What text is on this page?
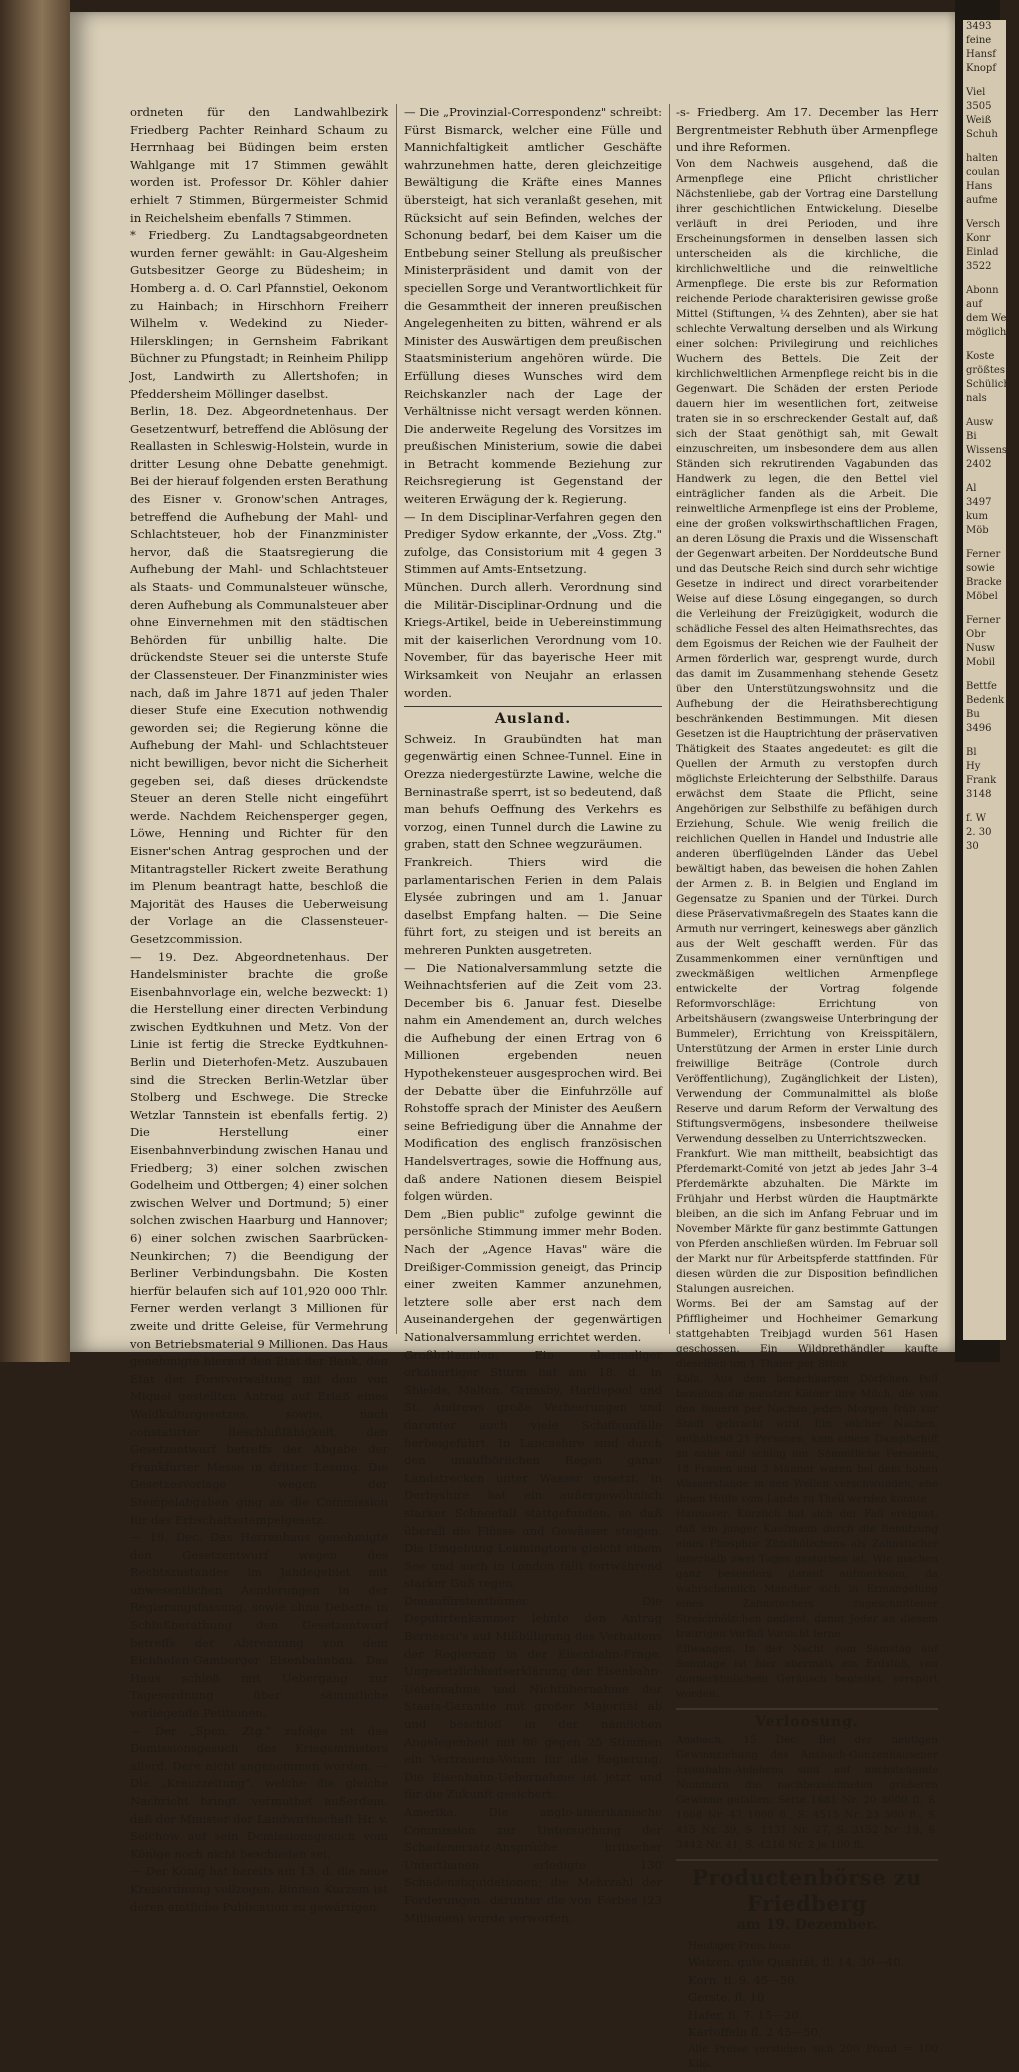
ordneten für den Landwahlbezirk Friedberg Pachter Reinhard Schaum zu Herrnhaag bei Büdingen beim ersten Wahlgange mit 17 Stimmen gewählt worden ist. Professor Dr. Köhler dahier erhielt 7 Stimmen, Bürgermeister Schmid in Reichelsheim ebenfalls 7 Stimmen.

* Friedberg. Zu Landtagsabgeordneten wurden ferner gewählt: in Gau-Algesheim Gutsbesitzer George zu Büdesheim; in Homberg a. d. O. Carl Pfannstiel, Oekonom zu Hainbach; in Hirschhorn Freiherr Wilhelm v. Wedekind zu Nieder-Hilersklingen; in Gernsheim Fabrikant Büchner zu Pfungstadt; in Reinheim Philipp Jost, Landwirth zu Allertshofen; in Pfeddersheim Möllinger daselbst.

Berlin, 18. Dez. Abgeordnetenhaus. Der Gesetzentwurf, betreffend die Ablösung der Reallasten in Schleswig-Holstein, wurde in dritter Lesung ohne Debatte genehmigt. Bei der hierauf folgenden ersten Berathung des Eisner v. Gronow'schen Antrages, betreffend die Aufhebung der Mahl- und Schlachtsteuer, hob der Finanzminister hervor, daß die Staatsregierung die Aufhebung der Mahl- und Schlachtsteuer als Staats- und Communalsteuer wünsche, deren Aufhebung als Communalsteuer aber ohne Einvernehmen mit den städtischen Behörden für unbillig halte. Die drückendste Steuer sei die unterste Stufe der Classensteuer. Der Finanzminister wies nach, daß im Jahre 1871 auf jeden Thaler dieser Stufe eine Execution nothwendig geworden sei; die Regierung könne die Aufhebung der Mahl- und Schlachtsteuer nicht bewilligen, bevor nicht die Sicherheit gegeben sei, daß dieses drückendste Steuer an deren Stelle nicht eingeführt werde. Nachdem Reichensperger gegen, Löwe, Henning und Richter für den Eisner'schen Antrag gesprochen und der Mitantragsteller Rickert zweite Berathung im Plenum beantragt hatte, beschloß die Majorität des Hauses die Ueberweisung der Vorlage an die Classensteuer-Gesetzcommission.

— 19. Dez. Abgeordnetenhaus. Der Handelsminister brachte die große Eisenbahnvorlage ein, welche bezweckt: 1) die Herstellung einer directen Verbindung zwischen Eydtkuhnen und Metz. Von der Linie ist fertig die Strecke Eydtkuhnen-Berlin und Dieterhofen-Metz. Auszubauen sind die Strecken Berlin-Wetzlar über Stolberg und Eschwege. Die Strecke Wetzlar Tannstein ist ebenfalls fertig. 2) Die Herstellung einer Eisenbahnverbindung zwischen Hanau und Friedberg; 3) einer solchen zwischen Godelheim und Ottbergen; 4) einer solchen zwischen Welver und Dortmund; 5) einer solchen zwischen Haarburg und Hannover; 6) einer solchen zwischen Saarbrücken-Neunkirchen; 7) die Beendigung der Berliner Verbindungsbahn. Die Kosten hierfür belaufen sich auf 101,920 000 Thlr. Ferner werden verlangt 3 Millionen für zweite und dritte Geleise, für Vermehrung von Betriebsmaterial 9 Millionen. Das Haus genehmigte hierauf den Etat der Bank, den Etat der Forstverwaltung mit dem von Miquel gestellten Antrag auf Erlaß eines Waldkulturgesetzes, sowie, nach constatirter Beschlußfähigkeit, den Gesetzentwurf betreffs der Abgabe der Frankfurter Messe in dritter Lesung. Die Gesetzesvorlage wegen der Stempelabgaben ging an die Commission für das Erbschaftsstempelgesetz.

— 19. Dec. Das Herrenhaus genehmigte den Gesetzentwurf wegen des Rechtszustandes im Jahdegebiet mit unwesentlichen Aenderungen in der Regierungsfassung, sowie ohne Debatte in Schlußberathung den Gesetzentwurf betreffs der Abtrennung von dem Eichhofen-Gamberger Eisenbahnbau. Das Haus schloß mit Uebergang zur Tagesordnung über sämmtliche vorliegende Petitionen.

— Der „Spen. Ztg." zufolge ist das Demissionsgesuch des Kriegsministers allerd. Dere nicht angenommen worden. — Die „Kreuzzeitung", welche die gleiche Nachricht bringt, vermuthet außerdem, daß der Minister der Landwirthschaft Hr. v. Selchow auf sein Demissionsgesuch vom Könige noch nicht beschieden sei.

— Der König hat bereits am 13. d. die neue Kreisordnung vollzogen. Binnen Kurzem ist deren amtliche Publication zu gewärtigen.

— Die „Provinzial-Correspondenz" schreibt: Fürst Bismarck, welcher eine Fülle und Mannichfaltigkeit amtlicher Geschäfte wahrzunehmen hatte, deren gleichzeitige Bewältigung die Kräfte eines Mannes übersteigt, hat sich veranlaßt gesehen, mit Rücksicht auf sein Befinden, welches der Schonung bedarf, bei dem Kaiser um die Entbebung seiner Stellung als preußischer Ministerpräsident und damit von der speciellen Sorge und Verantwortlichkeit für die Gesammtheit der inneren preußischen Angelegenheiten zu bitten, während er als Minister des Auswärtigen dem preußischen Staatsministerium angehören würde. Die Erfüllung dieses Wunsches wird dem Reichskanzler nach der Lage der Verhältnisse nicht versagt werden können. Die anderweite Regelung des Vorsitzes im preußischen Ministerium, sowie die dabei in Betracht kommende Beziehung zur Reichsregierung ist Gegenstand der weiteren Erwägung der k. Regierung.

— In dem Disciplinar-Verfahren gegen den Prediger Sydow erkannte, der „Voss. Ztg." zufolge, das Consistorium mit 4 gegen 3 Stimmen auf Amts-Entsetzung.

München. Durch allerh. Verordnung sind die Militär-Disciplinar-Ordnung und die Kriegs-Artikel, beide in Uebereinstimmung mit der kaiserlichen Verordnung vom 10. November, für das bayerische Heer mit Wirksamkeit von Neujahr an erlassen worden.

Ausland.

Schweiz. In Graubündten hat man gegenwärtig einen Schnee-Tunnel. Eine in Orezza niedergestürzte Lawine, welche die Berninastraße sperrt, ist so bedeutend, daß man behufs Oeffnung des Verkehrs es vorzog, einen Tunnel durch die Lawine zu graben, statt den Schnee wegzuräumen.

Frankreich. Thiers wird die parlamentarischen Ferien in dem Palais Elysée zubringen und am 1. Januar daselbst Empfang halten. — Die Seine führt fort, zu steigen und ist bereits an mehreren Punkten ausgetreten.

— Die Nationalversammlung setzte die Weihnachtsferien auf die Zeit vom 23. December bis 6. Januar fest. Dieselbe nahm ein Amendement an, durch welches die Aufhebung der einen Ertrag von 6 Millionen ergebenden neuen Hypothekensteuer ausgesprochen wird. Bei der Debatte über die Einfuhrzölle auf Rohstoffe sprach der Minister des Aeußern seine Befriedigung über die Annahme der Modification des englisch französischen Handelsvertrages, sowie die Hoffnung aus, daß andere Nationen diesem Beispiel folgen würden.

Dem „Bien public" zufolge gewinnt die persönliche Stimmung immer mehr Boden. Nach der „Agence Havas" wäre die Dreißiger-Commission geneigt, das Princip einer zweiten Kammer anzunehmen, letztere solle aber erst nach dem Auseinandergehen der gegenwärtigen Nationalversammlung errichtet werden.

Großbritannien. Ein abermaliger orkanartiger Sturm hat am 18. d. in Shields, Malton, Grimsby, Hartlepool und St. Andrews große Verheerungen und darunter auch viele Schiffsunfälle herbeigeführt. In Lancashire sind durch den unaufhörlichen Regen ganze Landstrecken unter Wasser gesetzt, in Derbyshire hat ein außergewöhnlich starker Schneefall stattgefunden, so daß überall die Flüsse und Gewässer steigen. Die Umgebung Leamington's gleicht einem See und auch in London fällt fortwährend starker Guß regen.

Donaufürstenthümer. Die Deputirtenkammer lehnte den Antrag Bernescu's auf Mißbilligung des Verhaltens der Regierung in der Eisenbahn-Frage, Ungesetzlichkeitserklärung der Eisenbahn-Uebernahme und Nichtübernahme der Staats-Garantie mit großer Majorität ab und beschloß in der nämlichen Angelegenheit mit 86 gegen 25 Stimmen ein Vertrauens-Votum für die Regierung. Die Eisenbahn-Uebernahme ist jetzt und für die Zukunft gesichert.

Amerika. Die anglo-amerikanische Commission zur Untersuchung der Schadenersatz-Ansprüche britischer Unterthanen erledigte 130 Schadensliquidationen; die Mehrzahl der Forderungen, darunter die von Forbes (23 Millionen) wurde verworfen.

-s- Friedberg. Am 17. December las Herr Bergrentmeister Rebhuth über Armenpflege und ihre Reformen.

Von dem Nachweis ausgehend, daß die Armenpflege eine Pflicht christlicher Nächstenliebe, gab der Vortrag eine Darstellung ihrer geschichtlichen Entwickelung. Dieselbe verläuft in drei Perioden, und ihre Erscheinungsformen in denselben lassen sich unterscheiden als die kirchliche, die kirchlichweltliche und die reinweltliche Armenpflege. Die erste bis zur Reformation reichende Periode charakterisiren gewisse große Mittel (Stiftungen, ¼ des Zehnten), aber sie hat schlechte Verwaltung derselben und als Wirkung einer solchen: Privilegirung und reichliches Wuchern des Bettels. Die Zeit der kirchlichweltlichen Armenpflege reicht bis in die Gegenwart. Die Schäden der ersten Periode dauern hier im wesentlichen fort, zeitweise traten sie in so erschreckender Gestalt auf, daß sich der Staat genöthigt sah, mit Gewalt einzuschreiten, um insbesondere dem aus allen Ständen sich rekrutirenden Vagabunden das Handwerk zu legen, die den Bettel viel einträglicher fanden als die Arbeit. Die reinweltliche Armenpflege ist eins der Probleme, eine der großen volkswirthschaftlichen Fragen, an deren Lösung die Praxis und die Wissenschaft der Gegenwart arbeiten. Der Norddeutsche Bund und das Deutsche Reich sind durch sehr wichtige Gesetze in indirect und direct vorarbeitender Weise auf diese Lösung eingegangen, so durch die Verleihung der Freizügigkeit, wodurch die schädliche Fessel des alten Heimathsrechtes, das dem Egoismus der Reichen wie der Faulheit der Armen förderlich war, gesprengt wurde, durch das damit im Zusammenhang stehende Gesetz über den Unterstützungswohnsitz und die Aufhebung der die Heirathsberechtigung beschränkenden Bestimmungen. Mit diesen Gesetzen ist die Hauptrichtung der präservativen Thätigkeit des Staates angedeutet: es gilt die Quellen der Armuth zu verstopfen durch möglichste Erleichterung der Selbsthilfe. Daraus erwächst dem Staate die Pflicht, seine Angehörigen zur Selbsthilfe zu befähigen durch Erziehung, Schule. Wie wenig freilich die reichlichen Quellen in Handel und Industrie alle anderen überflügelnden Länder das Uebel bewältigt haben, das beweisen die hohen Zahlen der Armen z. B. in Belgien und England im Gegensatze zu Spanien und der Türkei. Durch diese Präservativmaßregeln des Staates kann die Armuth nur verringert, keineswegs aber gänzlich aus der Welt geschafft werden. Für das Zusammenkommen einer vernünftigen und zweckmäßigen weltlichen Armenpflege entwickelte der Vortrag folgende Reformvorschläge: Errichtung von Arbeitshäusern (zwangsweise Unterbringung der Bummeler), Errichtung von Kreisspitälern, Unterstützung der Armen in erster Linie durch freiwillige Beiträge (Controle durch Veröffentlichung), Zugänglichkeit der Listen), Verwendung der Communalmittel als bloße Reserve und darum Reform der Verwaltung des Stiftungsvermögens, insbesondere theilweise Verwendung desselben zu Unterrichtszwecken.

Frankfurt. Wie man mittheilt, beabsichtigt das Pferdemarkt-Comité von jetzt ab jedes Jahr 3–4 Pferdemärkte abzuhalten. Die Märkte im Frühjahr und Herbst würden die Hauptmärkte bleiben, an die sich im Anfang Februar und im November Märkte für ganz bestimmte Gattungen von Pferden anschließen würden. Im Februar soll der Markt nur für Arbeitspferde stattfinden. Für diesen würden die zur Disposition befindlichen Stalungen ausreichen.

Worms. Bei der am Samstag auf der Pfiffligheimer und Hochheimer Gemarkung stattgehabten Treibjagd wurden 561 Hasen geschossen. Ein Wildprethändler kaufte dieselben um 1 Thaler per Stück.

Köln. Aus dem benachbarten Dörfchen Poll beziehen die meisten Kölner ihre Milch, die von den Bauern per Nachen jeden Morgen früh zur Stadt gebracht wird. Ein solcher Nachen, enthaltend 21 Personen, kam einem Dampfschiff zu nahe und schlug um. Sämmtliche Personen, 18 Frauen und 3 Männer waren bei dem hohen Wasserstande in den Wellen verschwunden, ehe ihnen Hülfe vom Lande zu Theil werden konnte.

Hannover. Kürzlich hat sich der Fall ereignet, daß ein junger Kaufmann durch die Benutzung eines Phosphor Zündhölzchens als Zahnstocher innerhalb zwei Tagen gestorben ist. Wie machen ganz besonders darauf aufmerksam, da wahrscheinlich Mancher sich in Ermangelung eines Zahnstochers zugeschnittener Streichhölzchen bedient, damit Jeder an diesem traurigen Vorfall Vorsicht lerne.

Ellwangen. In der Nacht vom Samstag auf Sonntage ist hier abermals ein Erdstoß, von donnerähnlichem Geräusch begleitet, verspürt worden.

Verloosung.

Ansbach, 15 Dec. Bei der heutigen Gewinnziehung des Ansbach-Gunzenhausener Eisenbahn-Anlehens sind auf nachstehende Nummern die nachbezeichneten größeren Gewinne gefallen: Serie 1681 Nr. 20 8000 fl. S. 1668 Nr. 47 1000 fl., S. 4515 Nr. 23 500 fl., S. 415 Nr. 39, S. 1131 Nr. 27, S. 3152 Nr. 19, S. 3442 Nr. 41, S. 4216 Nr. 2 je 100 fl.

Productenbörse zu Friedberg
am 19. Dezember.
Heutiger Preis loco
Waizen, gute Qualität, fl. 14. 30—40.
Korn, fl. 9. 45—50.
Gerste, fl. 10
Hafer, fl. 7. 15—20.
Kartoffeln fl. 2 45—50.
Alle Preise verstehen sich 200 Pfund = 100 Kilo.
3493
feine
Hansf
Knopf
Viel
3505
Weiß
Schuh
halten
coulan
Hans
aufme
Versch
Konr
Einlad
3522
Abonn
auf
dem Wege
möglich
Koste
größtes
Schülich
nals
Ausw
Bi
Wissensch
2402
Al
3497
kum
Möb
Ferner
sowie
Bracke
Möbel
Ferner
Obr
Nusw
Mobil
Bettfe
Bedenk
Bu
3496
Bl
Hy
Frank
3148
f. W
2. 30
30
